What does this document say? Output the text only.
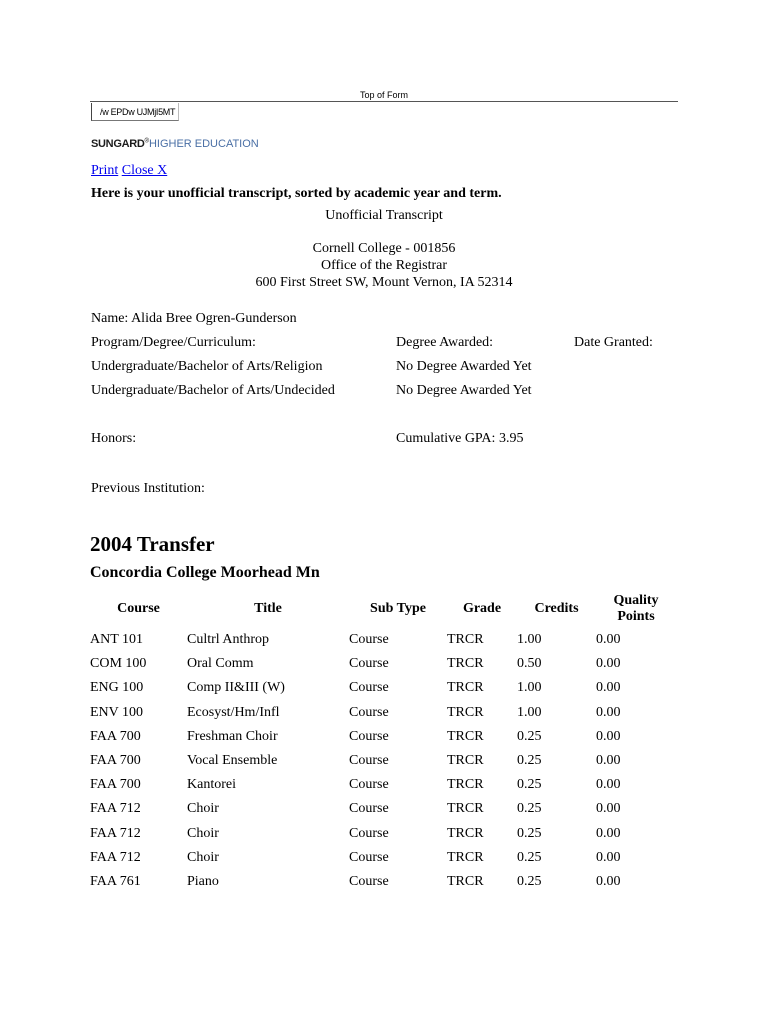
Top of Form
/w EPDw UJMjI5MT
SUNGARD®HIGHER EDUCATION
Print Close X
Here is your unofficial transcript, sorted by academic year and term.
Unofficial Transcript
Cornell College - 001856
Office of the Registrar
600 First Street SW, Mount Vernon, IA 52314
Name: Alida Bree Ogren-Gunderson
Program/Degree/Curriculum:	Degree Awarded:	Date Granted:
Undergraduate/Bachelor of Arts/Religion	No Degree Awarded Yet
Undergraduate/Bachelor of Arts/Undecided	No Degree Awarded Yet
Honors:	Cumulative GPA: 3.95
Previous Institution:
2004 Transfer
Concordia College Moorhead Mn
Course	Title	Sub Type	Grade	Credits	Quality
Points
ANT 101	Cultrl Anthrop	Course	TRCR	1.00	0.00
COM 100	Oral Comm	Course	TRCR	0.50	0.00
ENG 100	Comp II&III (W)	Course	TRCR	1.00	0.00
ENV 100	Ecosyst/Hm/Infl	Course	TRCR	1.00	0.00
FAA 700	Freshman Choir	Course	TRCR	0.25	0.00
FAA 700	Vocal Ensemble	Course	TRCR	0.25	0.00
FAA 700	Kantorei	Course	TRCR	0.25	0.00
FAA 712	Choir	Course	TRCR	0.25	0.00
FAA 712	Choir	Course	TRCR	0.25	0.00
FAA 712	Choir	Course	TRCR	0.25	0.00
FAA 761	Piano	Course	TRCR	0.25	0.00
